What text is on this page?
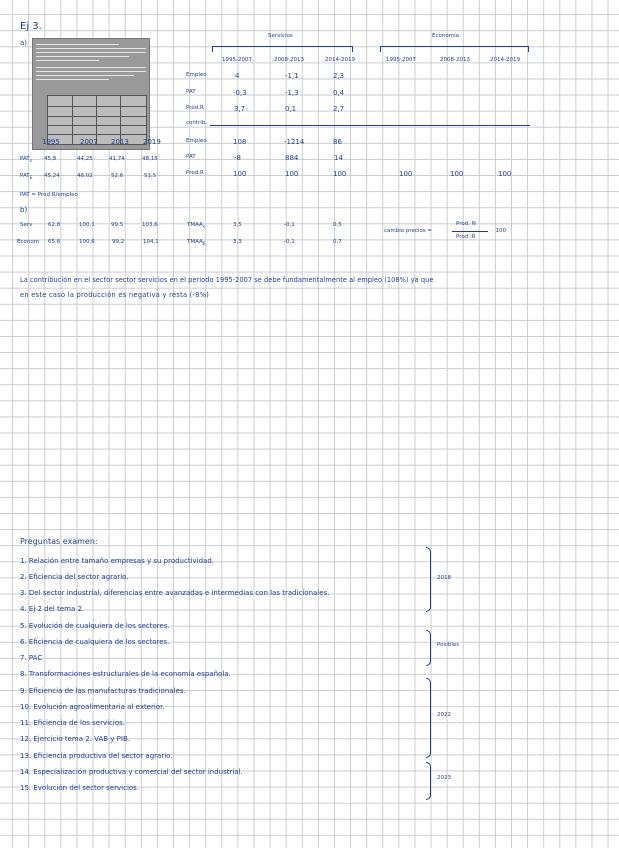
Ej 3.
a)
Servicios	Economía
1995-2007	2008-2013	2014-2019	1995-2007	2008-2013	2014-2019
Empleo	4	-1,1	2,3
PAT	-0,3	-1,3	0,4
Prod.R	3,7	0,1	2,7
contrib.
Empleo	108	-1214	86
PAT	-8	884	14
Prod.R	100	100	100	100	100	100
1995	2007 2013 2019
$PAT_s$ 45,8	44,25	41,74	48,15
$PAT_E$ 45,24	46,02	52,6	51,5
PAT = Prod.R/empleo
b)
Serv	62,8	100,1	99,5	103,6	$TMAA_s$	3,5	-0,1	0,5
Econom 65,6	100,6	99,2	104,1	$TMAA_E$	3,3	-0,1	0,7
cambio precios =
Prod. N
Prod. R
· 100
La contribución en el sector sector servicios en el periodo 1995-2007 se debe fundamentalmente al empleo (108%) ya que
en este caso la producción es negativa y resta (-8%)
Preguntas examen:
1. Relación entre tamaño empresas y su productividad.
2. Eficiencia del sector agrario.
3. Del sector industrial, diferencias entre avanzadas e intermedias con las tradicionales.
4. Ej 2 del tema 2.
5. Evolución de cualquiera de los sectores.
6. Eficiencia de cualquiera de los sectores.
7. PAC
8. Transformaciones estructurales de la economía española.
9. Eficiencia de las manufacturas tradicionales.
10. Evolución agroalimentaria al exterior.
11. Eficiencia de los servicios.
12. Ejercicio tema 2. VAB y PIB.
13. Eficiencia productiva del sector agrario.
14. Especialización productiva y comercial del sector industrial.
15. Evolución del sector servicios.
2018
Posibles
2022
2023
